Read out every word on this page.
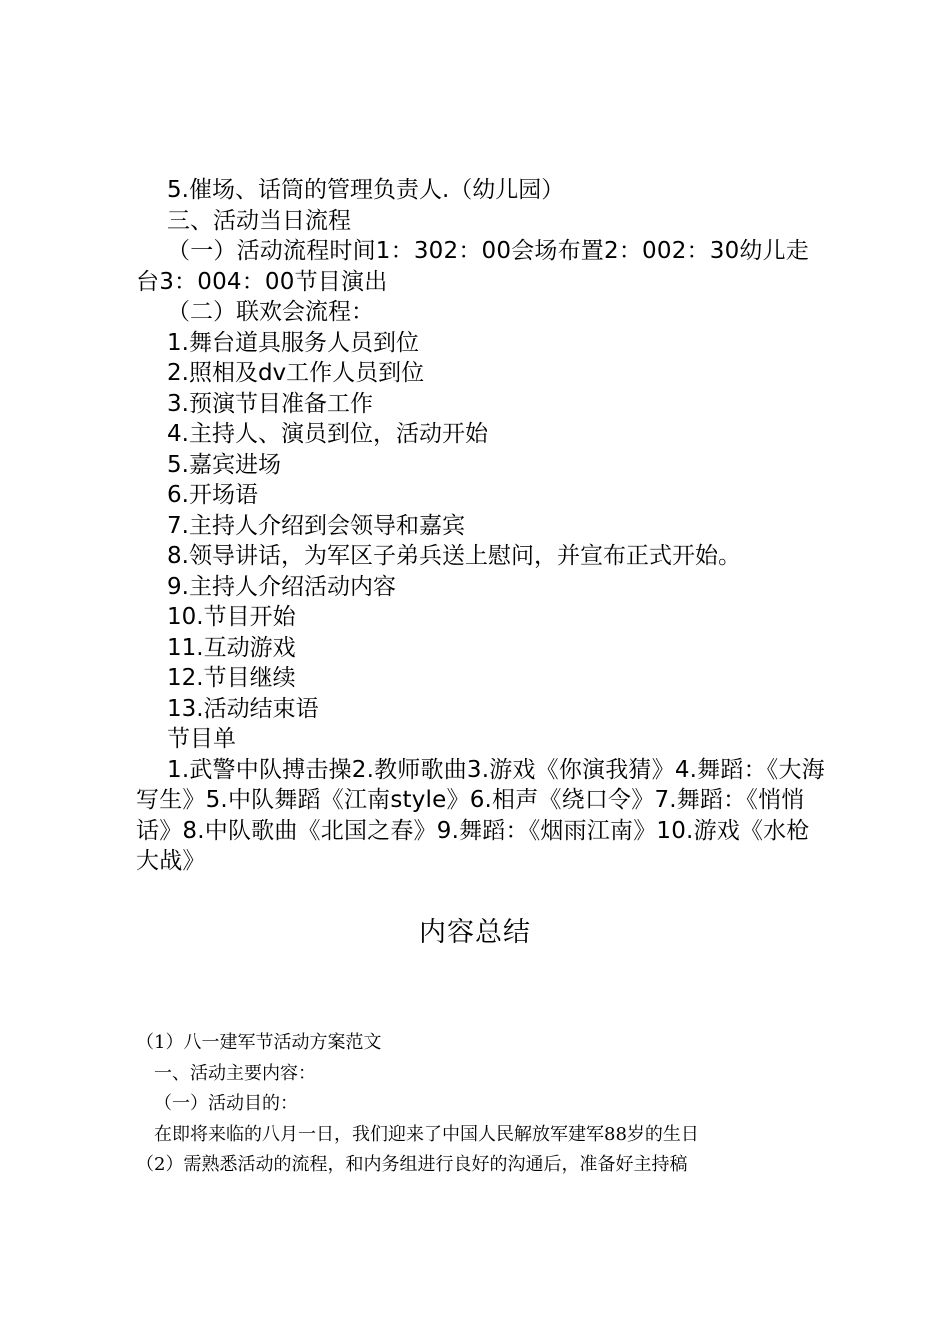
5.催场、话筒的管理负责人.（幼儿园）

三、活动当日流程

（一）活动流程时间1：302：00会场布置2：002：30幼儿走台3：004：00节目演出

（二）联欢会流程：

1.舞台道具服务人员到位

2.照相及dv工作人员到位

3.预演节目准备工作

4.主持人、演员到位，活动开始

5.嘉宾进场

6.开场语

7.主持人介绍到会领导和嘉宾

8.领导讲话，为军区子弟兵送上慰问，并宣布正式开始。

9.主持人介绍活动内容

10.节目开始

11.互动游戏

12.节目继续

13.活动结束语

节目单

1.武警中队搏击操2.教师歌曲3.游戏《你演我猜》4.舞蹈：《大海写生》5.中队舞蹈《江南style》6.相声《绕口令》7.舞蹈：《悄悄话》8.中队歌曲《北国之春》9.舞蹈：《烟雨江南》10.游戏《水枪大战》

内容总结

（1）八一建军节活动方案范文

一、活动主要内容：

（一）活动目的：

在即将来临的八月一日，我们迎来了中国人民解放军建军88岁的生日

（2）需熟悉活动的流程，和内务组进行良好的沟通后，准备好主持稿
